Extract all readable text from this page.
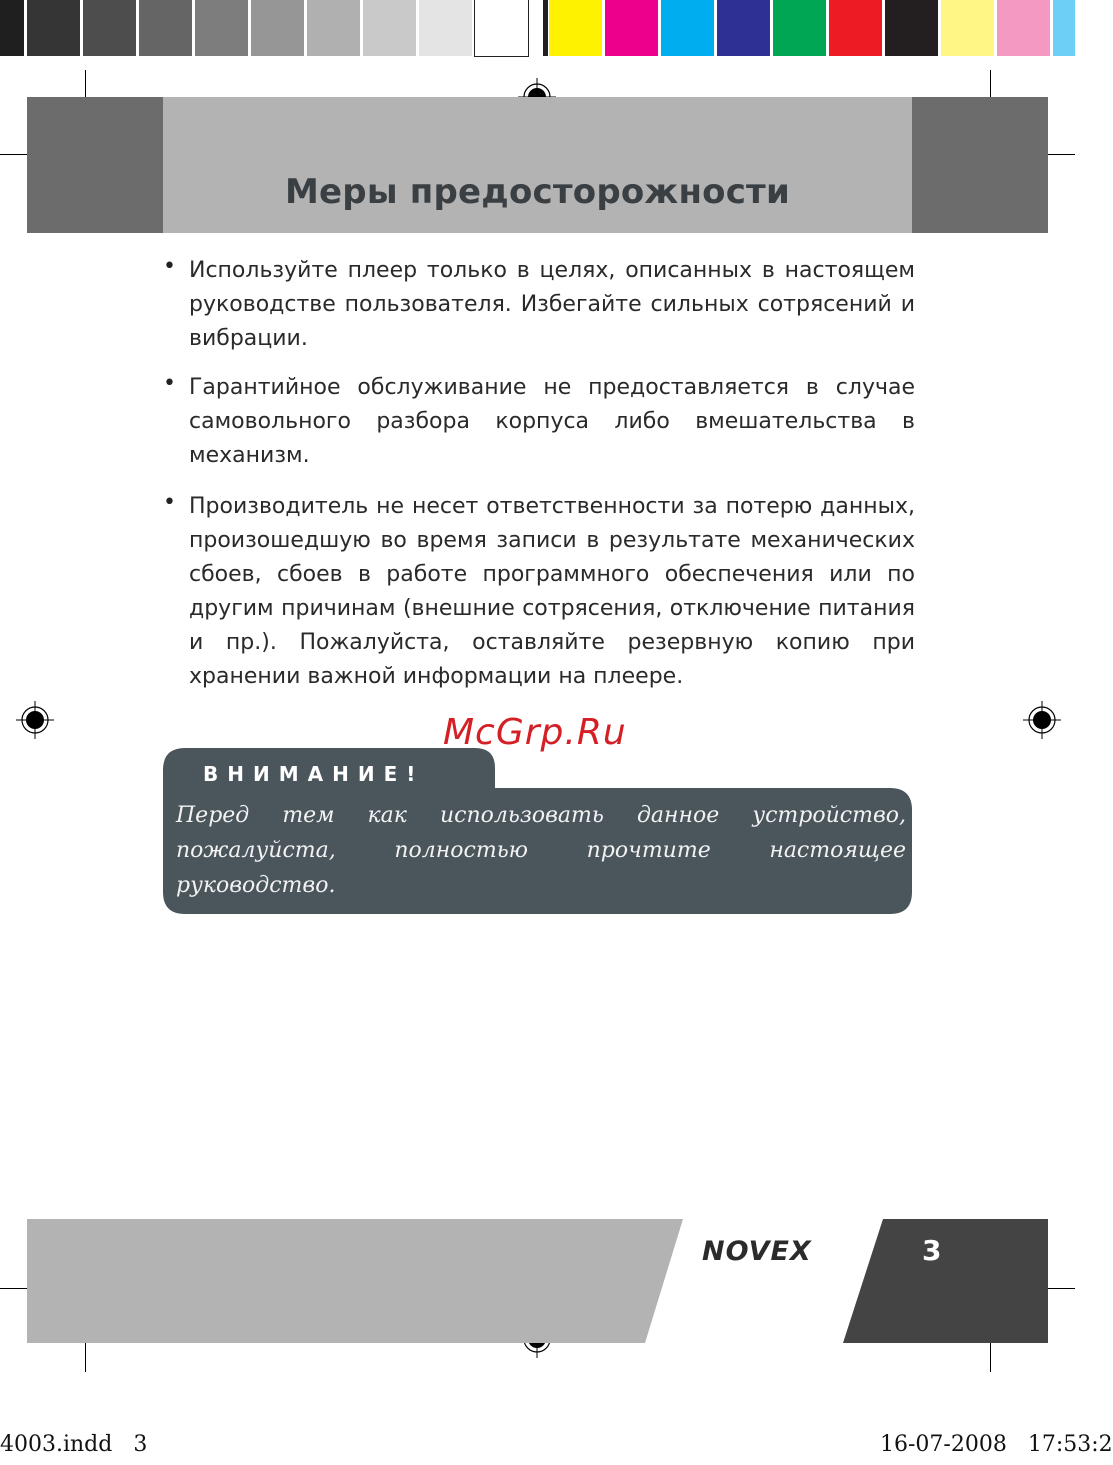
Меры предосторожности
• Используйте плеер только в целях, описанных в настоящем руководстве пользователя. Избегайте сильных сотрясений и вибрации.
• Гарантийное обслуживание не предоставляется в случае самовольного разбора корпуса либо вмешательства в механизм.
• Производитель не несет ответственности за потерю данных, произошедшую во время записи в результате механических сбоев, сбоев в работе программного обеспечения или по другим причинам (внешние сотрясения, отключение питания и пр.). Пожалуйста, оставляйте резервную копию при хранении важной информации на плеере.
ВНИМАНИЕ!
Перед тем как использовать данное устройство, пожалуйста, полностью прочтите настоящее руководство.
McGrp.Ru
NOVEX	3
4003.indd   3	16-07-2008   17:53:2
